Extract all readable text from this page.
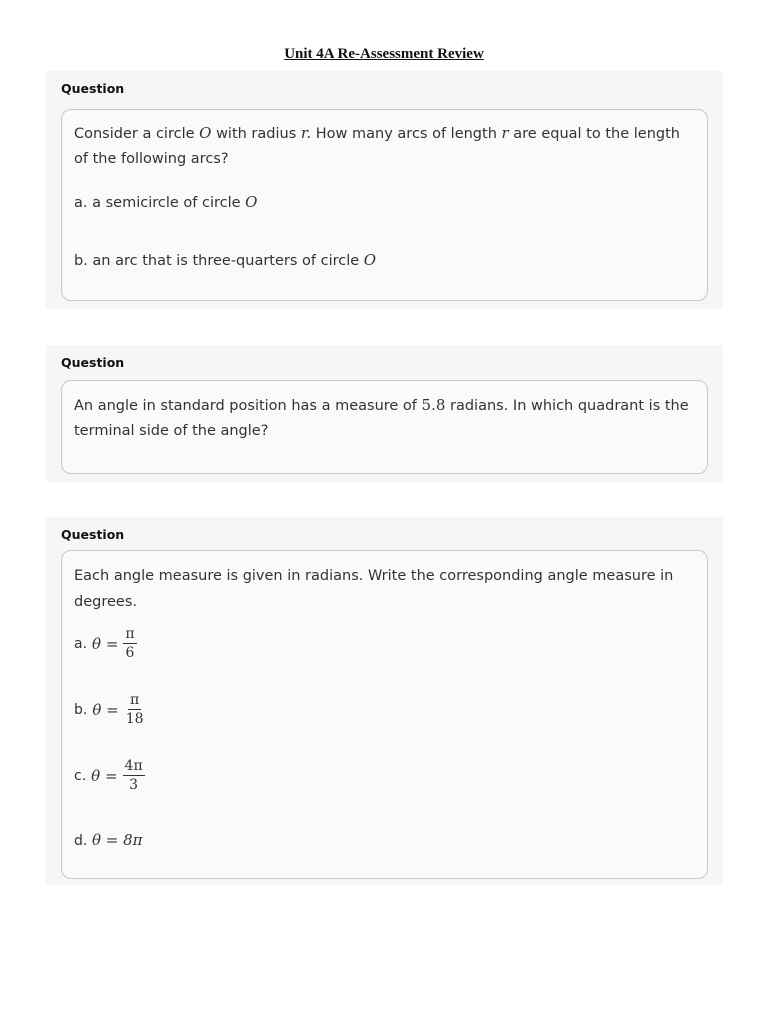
Unit 4A Re-Assessment Review
Question
Consider a circle O with radius r. How many arcs of length r are equal to the length
of the following arcs?
a. a semicircle of circle O
b. an arc that is three-quarters of circle O
Question
An angle in standard position has a measure of 5.8 radians. In which quadrant is the
terminal side of the angle?
Question
Each angle measure is given in radians. Write the corresponding angle measure in
degrees.
a. $\theta = \frac{\pi}{6}$
b. $\theta = \frac{\pi}{18}$
c. $\theta = \frac{4\pi}{3}$
d. θ = 8π
